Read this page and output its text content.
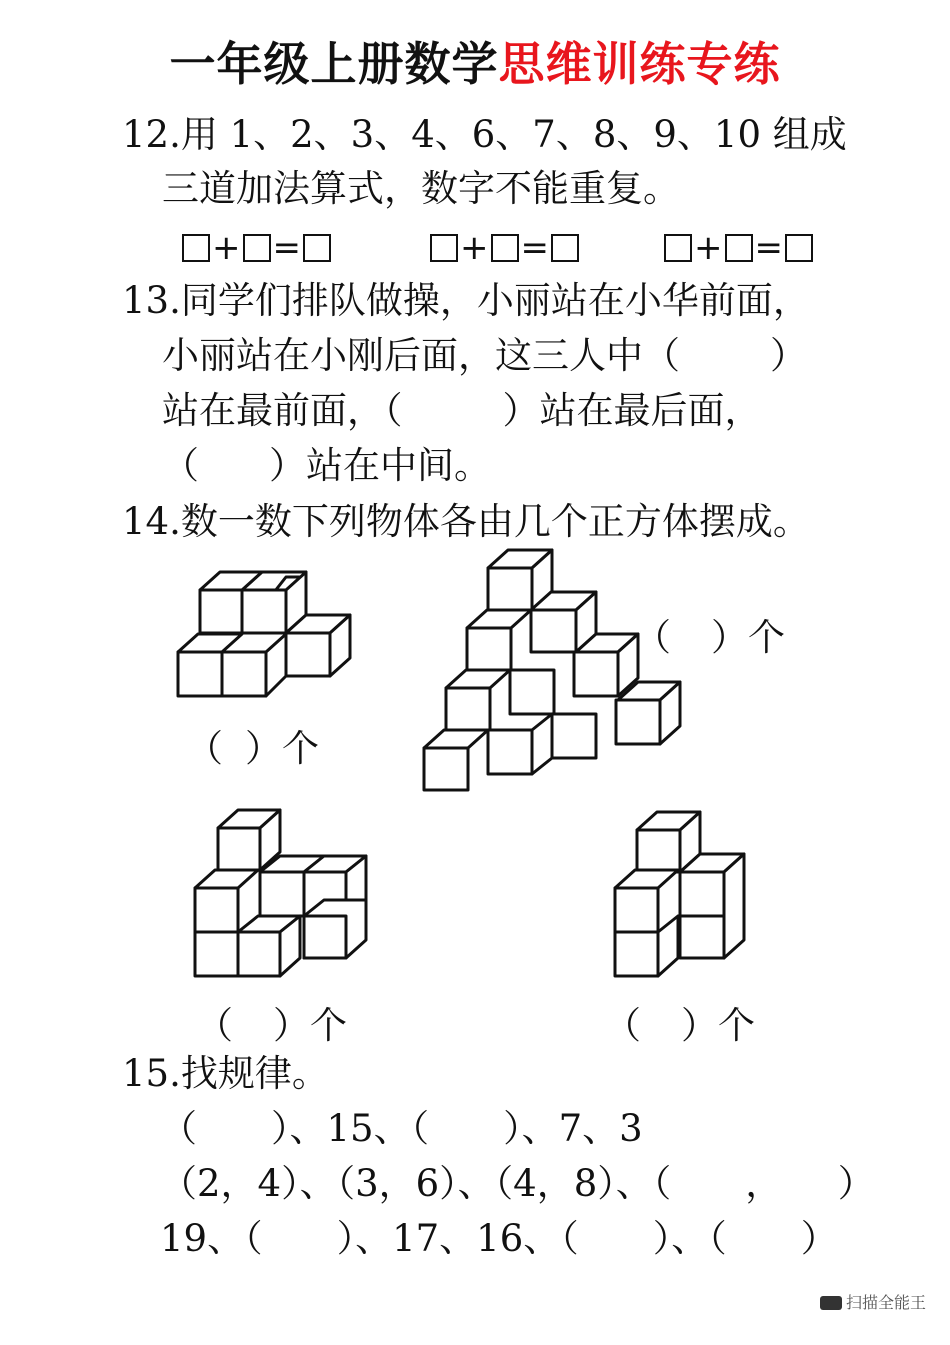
一年级上册数学思维训练专练
12.用 1、2、3、4、6、7、8、9、10 组成
三道加法算式，数字不能重复。
+ =	+ =	+ =
13.同学们排队做操，小丽站在小华前面，
小丽站在小刚后面，这三人中（ ）
站在最前面，（	）站在最后面，
（ ）站在中间。
14.数一数下列物体各由几个正方体摆成。
（ ）个
（ ）个
（ ）个	（ ）个
15.找规律。
（　　）、15、（　　）、7、3
（2，4）、（3，6）、（4，8）、（　　，　　）
19、（　　）、17、16、（　　）、（　　）
扫描全能王
